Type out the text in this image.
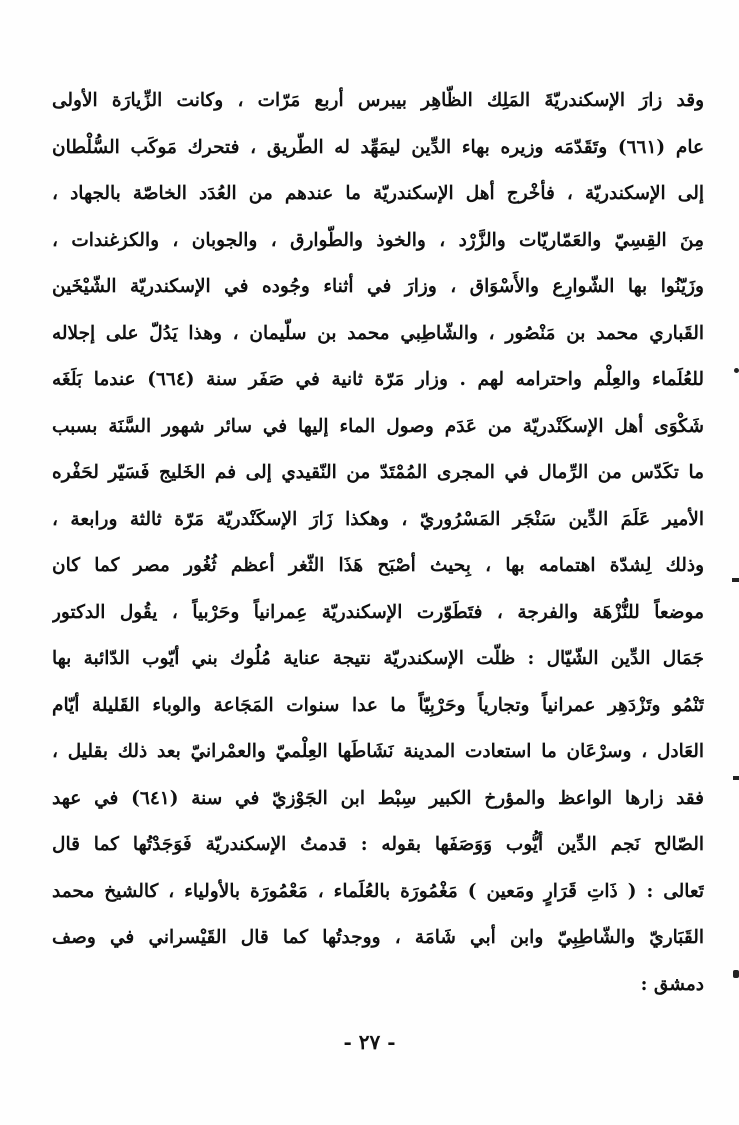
وقد زارَ الإسكندريّةَ المَلِك الظّاهِر بيبرس أربع مَرّات ، وكانت الزِّيارَة الأولى
عام (٦٦١) وتَقَدّمَه وزيره بهاء الدِّين ليمَهِّد له الطّريق ، فتحرك مَوكَب السُّلْطان
إلى الإسكندريّة ، فأخْرج أهل الإسكندريّة ما عندهم من العُدَد الخاصّة بالجهاد ،
مِنَ القِسِيّ والعَمّاريّات والزَّرْد ، والخوذ والطّوارق ، والجوبان ، والكزغندات ،
وزَيّنُوا بها الشّوارِع والأَسْوَاق ، وزارَ في أثناء وجُوده في الإسكندريّة الشّيْخَين
القَباري محمد بن مَنْصُور ، والشّاطِبي محمد بن سلّيمان ، وهذا يَدُلّ على إجلاله
للعُلَماء والعِلْم واحترامه لهم . وزار مَرّة ثانية في صَفَر سنة (٦٦٤) عندما بَلَغَه
شَكْوَى أهل الإسكَنْدريّة من عَدَم وصول الماء إليها في سائر شهور السَّنَة بسبب
ما تكَدّس من الرِّمال في المجرى المُمْتَدّ من النّقيدي إلى فم الخَليج فَسَيّر لحَفْره
الأمير عَلَمَ الدِّين سَنْجَر المَسْرُوريّ ، وهكذا زَارَ الإسكَنْدريّة مَرّة ثالثة ورابعة ،
وذلك لِشدّة اهتمامه بها ، بِحيث أصْبَح هَذَا الثّغر أعظم ثُغُور مصر كما كان
موضعاً للنُّزْهَة والفرجة ، فتَطَوّرت الإسكندريّة عِمرانياً وحَرْبياً ، يقُول الدكتور
جَمَال الدِّين الشّيّال : ظلّت الإسكندريّة نتيجة عناية مُلُوك بني أيّوب الدّائبة بها
تَنْمُو وتَزْدَهِر عمرانياً وتجارياً وحَرْبِيّاً ما عدا سنوات المَجَاعة والوباء القَليلة أيّام
العَادل ، وسرْعَان ما استعادت المدينة نَشَاطَها العِلْميّ والعمْرانيّ بعد ذلك بقليل ،
فقد زارها الواعظ والمؤرخ الكبير سِبْط ابن الجَوْزيّ في سنة (٦٤١) في عهد
الصّالح نَجم الدِّين أيُّوب وَوَصَفَها بقوله : قدمتُ الإسكندريّة فَوَجَدْتُها كما قال
تَعالى : ( ذَاتِ قَرَارٍ ومَعين ) مَغْمُورَة بالعُلَماء ، مَعْمُورَة بالأولياء ، كالشيخ محمد
القَبَاريّ والشّاطِبِيّ وابن أبي شَامَة ، ووجدتُها كما قال القَيْسراني في وصف
دمشق :
- ٢٧ -
